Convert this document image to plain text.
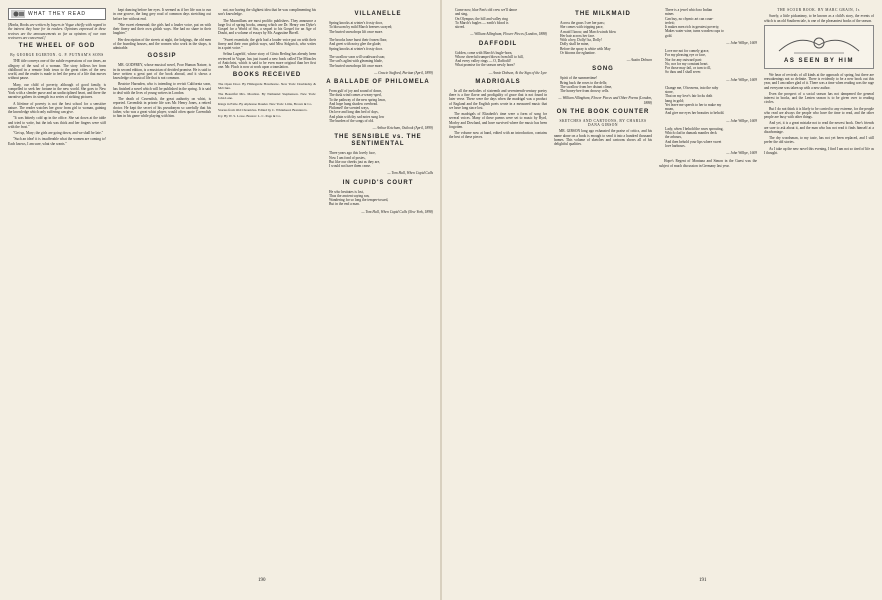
WHAT THEY READ

[Books, Books are written by buyers in Vogue chiefly with regard to the interest they have for its readers. Opinions expressed in these reviews are the announcements so far as opinions of our own reviewers are concerned.]

THE WHEEL OF GOD
By GEORGE EGERTON. G. P. PUTNAM'S SONS

THE title conveys one of the subtle expressions of our times, an allegory of the soul of a woman. The story follows her from childhood in a remote Irish town to the great cities of the new world, and the reader is made to feel the press of a life that moves without pause.

Mary, our child of poverty, although of good family, is compelled to seek her fortune in the new world. She goes to New York with a slender purse and an undisciplined heart, and there the narrative gathers its strength in a series of striking pictures.

A lifetime of poverty is not the best school for a sensitive nature. The reader watches her grow from girl to woman, gaining the knowledge which only suffering can give.

"It was bitterly cold up in the office. She sat down at the table and tried to write, but the ink was thick and her fingers were stiff with the frost."

"Get up, Mary; the girls are going down, and we shall be late."

"Such an idea! it is insufferable what the women are coming to! Each knows, I am sure, what she wants."

kept dancing before her eyes. It seemed as if her life was to run in one groove, the long grey road of common days stretching out before her without end.

"She sweet elemental; the girls had a louder voice, put on with their finery and their own girlish ways. She had no share in their laughter."

Her description of the streets at night, the lodgings, the old men of the boarding houses, and the women who work in the shops, is admirable.

GOSSIP

MR. GODFREY, whose musical novel, Poor Human Nature, is in its second edition, is a musician of decided promise. He is said to have written a great part of the book abroad, and it shows a knowledge of musical life that is not common.

Beatrice Harraden, who is intending to revisit California soon, has finished a novel which will be published in the spring. It is said to deal with the lives of young writers in London.

The death of Cavendish, the great authority on whist, is reported. Cavendish in private life was Mr. Henry Jones, a retired doctor. He kept the secret of his pseudonym so carefully that his father, who was a great whist player, would often quote Cavendish to him in his game while playing with him.

not, nor having the slightest idea that he was complimenting his son's knowledge.

The Macmillans are most prolific publishers. They announce a large list of spring books, among which are Dr. Henry van Dyke's Gospel for a World of Sin, a sequel to his Gospel for an Age of Doubt, and a volume of essays by Mr. Augustine Birrell.

"Sweet essentials; the girls had a louder voice put on with their finery and their own girlish ways, said Miss Sidgwick, who writes in a quiet voice."

Selina Lagerlöf, whose story of Gösta Berling has already been reviewed in Vogue, has just issued a new book called The Miracles of Antichrist, which is said to be even more original than her first one. Mr. Flach is now at work upon a translation.

BOOKS RECEIVED

The Open Door. By Hildegarde Hawthorne. New York: Doubleday & McClure.

The Beautiful Mrs. Moulton. By Nathaniel Stephenson. New York: John Lane.

Kings in Exile. By Alphonse Daudet. New York: Little, Brown & Co.

Stories from Old Chronicles. Edited by C. Whitehead. Brentano's.

Ivy. By W. S. Lowe. Boston: L. C. Page & Co.

190
VILLANELLE
Spring knocks at winter's frosty door,
To blossom by mild March breezes swayed;
The buried snowdrops lift once more.

The brooks have burst their frozen floor,
And greet with noisy glee the glade;
Spring knocks at winter's frosty door.

The swallow soon will southward soar,
The sod's aglint with gleaming blade,
The buried snowdrops lift once more.
— Gracie Stafford, Puritan (April, 1899)
A BALLADE OF PHILOMELA
From gulf of joy and sound of dawn,
The dusk wind comes a-weary-sped,
To the pathway of the new spring lawn,
And hope hung shadow overhead.
Philomel! the scented ways,
On love and long dim bed of days,
And plain with thy sad notes sung low
The burden of the songs of old.
— Arthur Ketchum, Outlook (April, 1899)
THE SENSIBLE vs. THE SENTIMENTAL
Three years ago this lovely face,
Now I am fond of posies,
But like our cheeks just as they are,
I would not have them cease.
— Tom Hall, When Cupid Calls
IN CUPID'S COURT
He who hesitates is lost,
Thus the ancient saying ran,
Wandering for so long the temper-tossed,
But in the end a man.
— Tom Hall, When Cupid Calls (New York, 1898)
Come now, blue Pan's old crew we'll dance
and sing,
On Olympus; the hill and valley ring
To March's bugles — earth's blood is
stirred.
— William Allingham, Flower Pieces (London, 1888)
DAFFODIL
Golden, come with March's bugle-horn,
Whose cheerful trumpet blown from hill to hill,
And every valley rings — O, Daffodil!
What promise for the season newly born?
— Annie Dobson, At the Sign of the Lyre
MADRIGALS

In all the melodies of sixteenth and seventeenth-century poetry there is a fine flavor and prodigality of grace that is not found in later verse. These were the days when the madrigal was a product of England and the English poets wrote in a measured music that we have long since lost.

The madrigals of Elizabeth's time were a form of song for several voices. Many of these poems were set to music by Byrd, Morley and Dowland, and have survived where the music has been forgotten.

The volume now at hand, edited with an introduction, contains the best of these pieces.

THE MILKMAID
Across the grass I see her pass;
She comes with tripping pace,
A maid I know, and March winds blow
Her hair across her face.
With a hey, Dolly! ha, Dolly!
Dolly shall be mine,
Before the spray is white with May
Or blooms the eglantine.
— Austin Dobson
SONG
Spirit of the summertime!
Bring back the roses to the dells;
The swallow from her distant clime,
The honey-bee from drowsy cells.
— William Allingham, Flower Pieces and Other Poems (London, 1888)
ON THE BOOK COUNTER
SKETCHES AND CARTOONS, BY CHARLES DANA GIBSON

MR. GIBSON long ago exhausted the praise of critics, and his name alone on a book is enough to send it into a hundred thousand homes. This volume of sketches and cartoons shows all of his delightful qualities.

There is a jewel which no Indian
mines
Can buy, no chymic art can coun-
terfeit;
It makes men rich in greatest poverty,
Makes water wine, turns wooden cups to
gold.
— John Wilbye, 1609
Love me not for comely grace,
For my pleasing eye or face,
Nor for any outward part:
No, nor for my constant heart.
For those may fail, or turn to ill,
So thou and I shall sever.
— John Wilbye, 1609
Change me, O heavens, into the ruby
stone,
That on my love's fair locks doth
hang in gold;
Yet leave me speech to her to make my
moan,
And give me eyes her beauties to behold.
— John Wilbye, 1609
Lady, when I behold the roses sprouting,
Which clad in damask mantles deck
the arbours,
And then behold your lips where sweet
love harbours.
— John Wilbye, 1609

Hope's Regent of Montana and Simon in the Guest was the subject of much discussion in Germany last year.

191
THE SCOUR BOOK. BY MARC GRAIN, Jr.

Surely, a little pickaninny, to be known as a child's story, the events of which is an old Southern tale, is one of the pleasantest books of the season.

AS SEEN BY HIM

We hear of revivals of all kinds at the approach of spring, but there are reawakenings not so definite. There is evidently to be a new book out this year, and I am rather glad of it. There was a time when reading was the rage and everyone was taken up with a new author.

Even the prospect of a social season has not dampened the general interest in books, and the Lenten season is to be given over to reading circles.

But I do not think it is likely to be carried to any extreme, for the people who read are always the people who have the time to read, and the other people are busy with other things.

And yet, it is a great mistake not to read the newest book. One's friends are sure to ask about it, and the man who has not read it finds himself at a disadvantage.

The dry woodsman, to my taste, has not yet been replaced, and I still prefer the old stories.

As I take up the new novel this evening, I find I am not so tired of life as I thought.
